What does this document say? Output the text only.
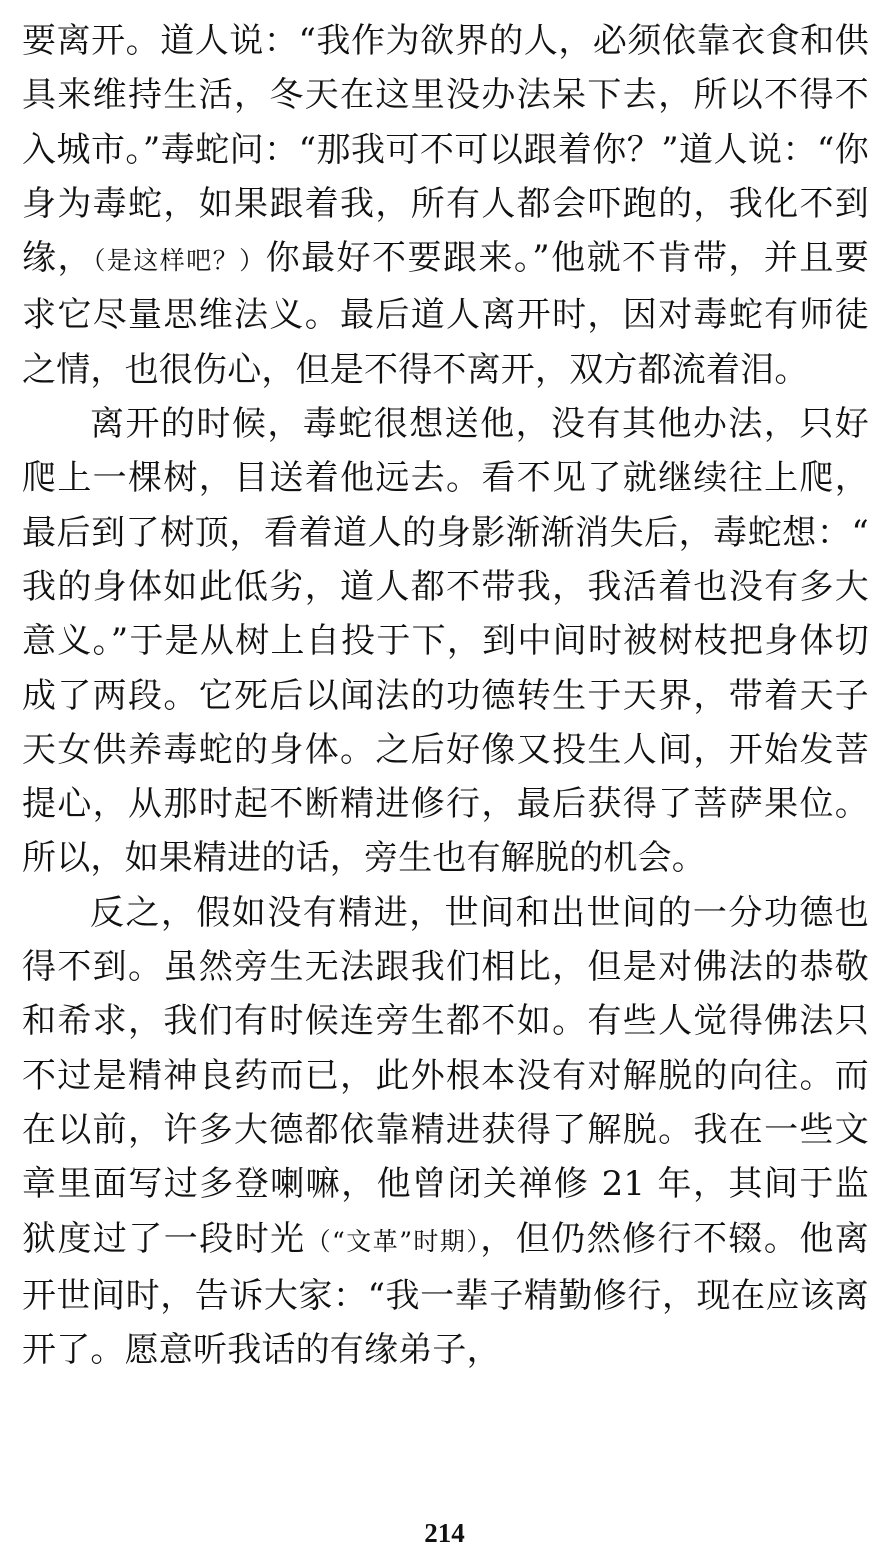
要离开。道人说：“我作为欲界的人，必须依靠衣食和供具来维持生活，冬天在这里没办法呆下去，所以不得不入城市。”毒蛇问：“那我可不可以跟着你？”道人说：“你身为毒蛇，如果跟着我，所有人都会吓跑的，我化不到缘，（是这样吧？）你最好不要跟来。”他就不肯带，并且要求它尽量思维法义。最后道人离开时，因对毒蛇有师徒之情，也很伤心，但是不得不离开，双方都流着泪。

离开的时候，毒蛇很想送他，没有其他办法，只好爬上一棵树，目送着他远去。看不见了就继续往上爬，最后到了树顶，看着道人的身影渐渐消失后，毒蛇想：“我的身体如此低劣，道人都不带我，我活着也没有多大意义。”于是从树上自投于下，到中间时被树枝把身体切成了两段。它死后以闻法的功德转生于天界，带着天子天女供养毒蛇的身体。之后好像又投生人间，开始发菩提心，从那时起不断精进修行，最后获得了菩萨果位。所以，如果精进的话，旁生也有解脱的机会。

反之，假如没有精进，世间和出世间的一分功德也得不到。虽然旁生无法跟我们相比，但是对佛法的恭敬和希求，我们有时候连旁生都不如。有些人觉得佛法只不过是精神良药而已，此外根本没有对解脱的向往。而在以前，许多大德都依靠精进获得了解脱。我在一些文章里面写过多登喇嘛，他曾闭关禅修 21 年，其间于监狱度过了一段时光（“文革”时期），但仍然修行不辍。他离开世间时，告诉大家：“我一辈子精勤修行，现在应该离开了。愿意听我话的有缘弟子，

214
